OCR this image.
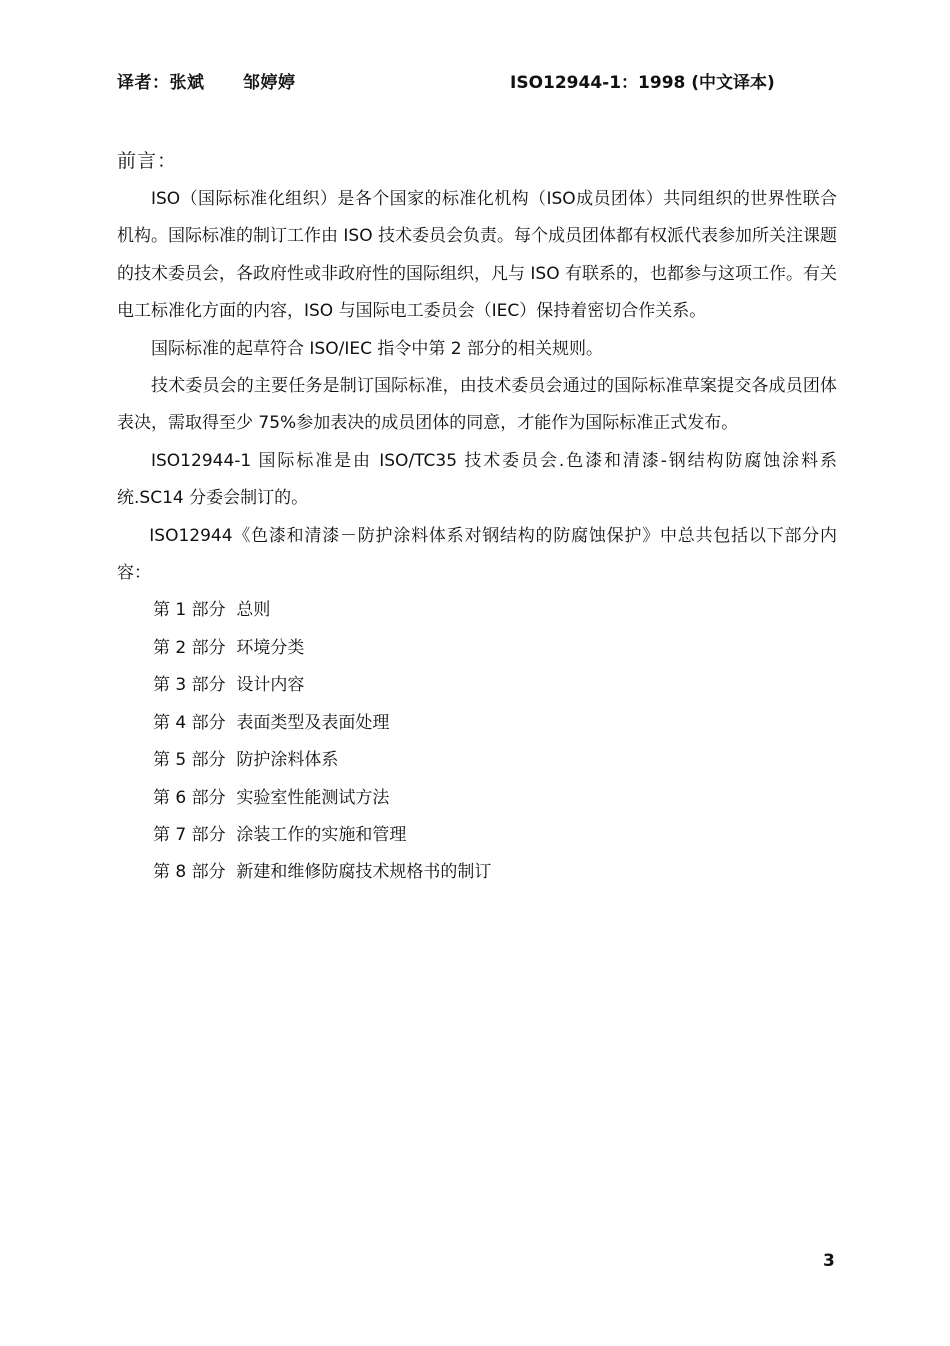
译者：张斌      邹婷婷	ISO12944-1：1998 (中文译本)
前言：

ISO（国际标准化组织）是各个国家的标准化机构（ISO成员团体）共同组织的世界性联合机构。国际标准的制订工作由 ISO 技术委员会负责。每个成员团体都有权派代表参加所关注课题的技术委员会，各政府性或非政府性的国际组织，凡与 ISO 有联系的，也都参与这项工作。有关电工标准化方面的内容，ISO 与国际电工委员会（IEC）保持着密切合作关系。

国际标准的起草符合 ISO/IEC 指令中第 2 部分的相关规则。

技术委员会的主要任务是制订国际标准，由技术委员会通过的国际标准草案提交各成员团体表决，需取得至少 75%参加表决的成员团体的同意，才能作为国际标准正式发布。

ISO12944-1 国际标准是由 ISO/TC35 技术委员会.色漆和清漆-钢结构防腐蚀涂料系统.SC14 分委会制订的。

ISO12944《色漆和清漆－防护涂料体系对钢结构的防腐蚀保护》中总共包括以下部分内容：

第 1 部分  总则
第 2 部分  环境分类
第 3 部分  设计内容
第 4 部分  表面类型及表面处理
第 5 部分  防护涂料体系
第 6 部分  实验室性能测试方法
第 7 部分  涂装工作的实施和管理
第 8 部分  新建和维修防腐技术规格书的制订
3
